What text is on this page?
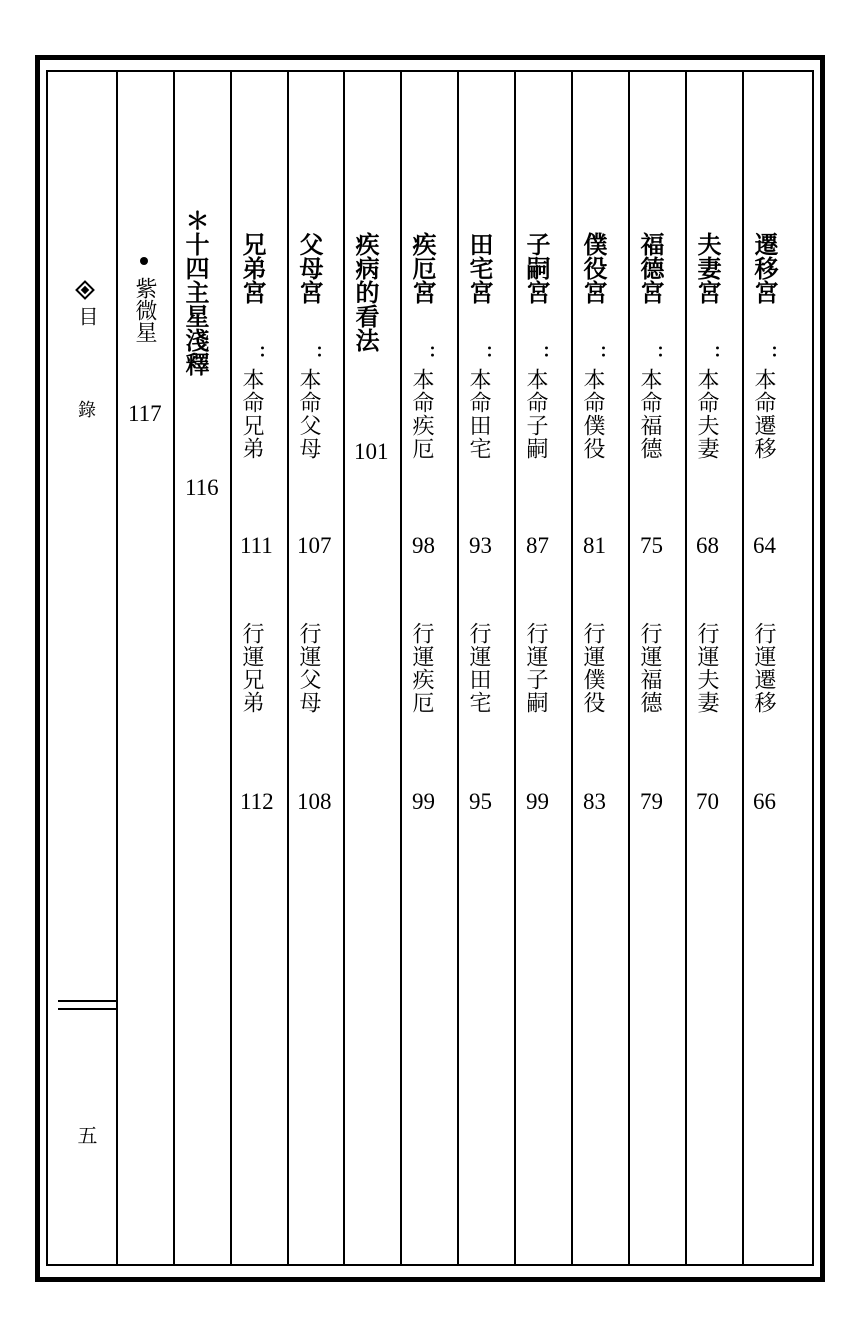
目
錄
五
遷移宮
：
本命遷移
64
行運遷移
66
夫妻宮
：
本命夫妻
68
行運夫妻
70
福德宮
：
本命福德
75
行運福德
79
僕役宮
：
本命僕役
81
行運僕役
83
子嗣宮
：
本命子嗣
87
行運子嗣
99
田宅宮
：
本命田宅
93
行運田宅
95
疾厄宮
：
本命疾厄
98
行運疾厄
99
疾病的看法
101
父母宮
：
本命父母
107
行運父母
108
兄弟宮
：
本命兄弟
111
行運兄弟
112
＊十四主星淺釋
116
紫微星
117
